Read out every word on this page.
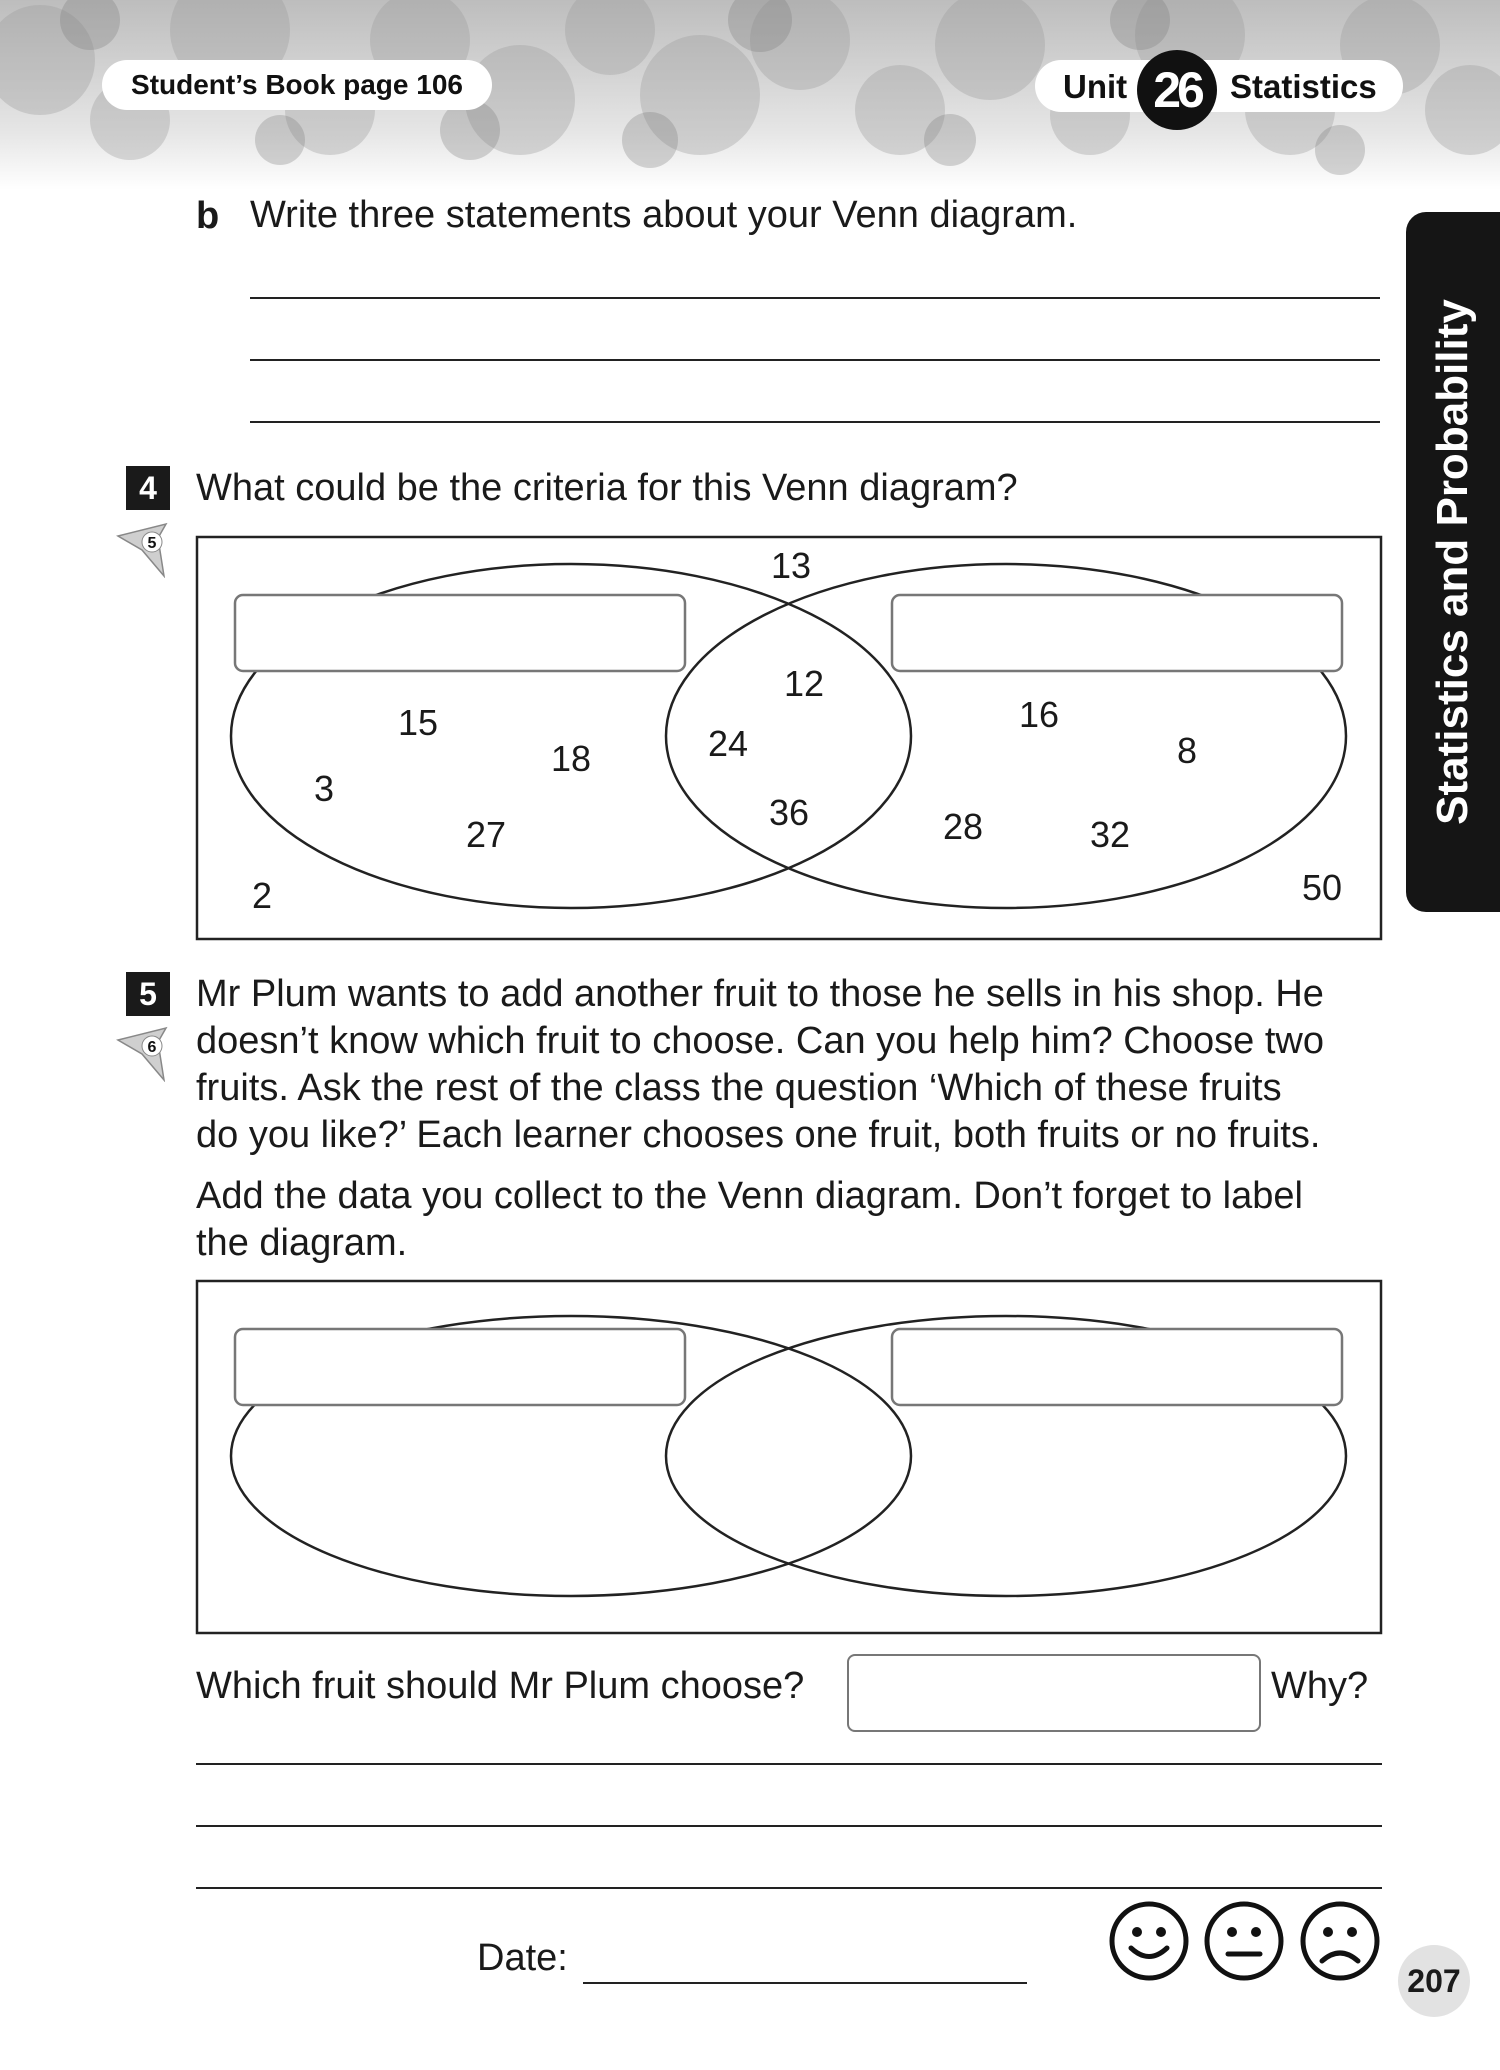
Student’s Book page 106	Unit 26 Statistics
Statistics and Probability
b Write three statements about your Venn diagram.
4
5
What could be the criteria for this Venn diagram?
13
2	50
15
18
3
27
12
24
36
16
8
28	32
5
6
Mr Plum wants to add another fruit to those he sells in his shop. He
doesn’t know which fruit to choose. Can you help him? Choose two
fruits. Ask the rest of the class the question ‘Which of these fruits
do you like?’ Each learner chooses one fruit, both fruits or no fruits.
Add the data you collect to the Venn diagram. Don’t forget to label
the diagram.
Which fruit should Mr Plum choose?	Why?
Date:
207
